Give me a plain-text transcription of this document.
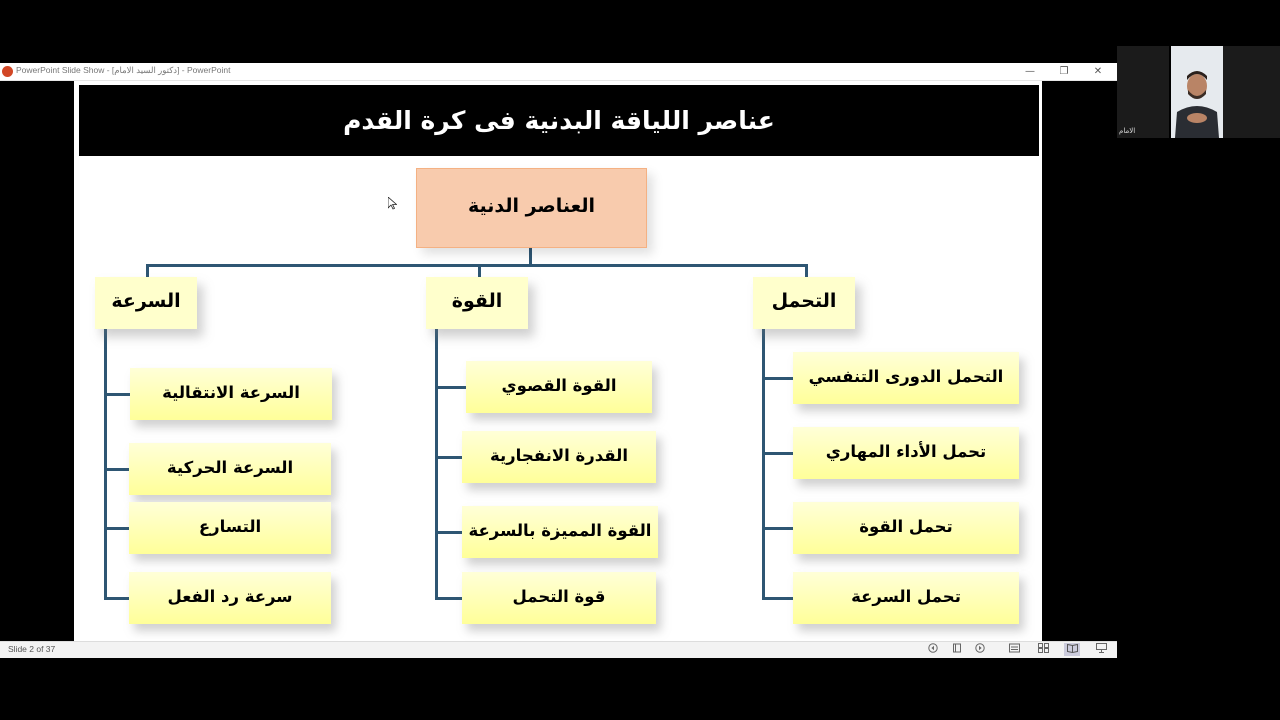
PowerPoint Slide Show - [دكتور السيد الامام] - PowerPoint	—	❐	✕
عناصر اللياقة البدنية فى كرة القدم
العناصر الدنية
التحمل
القوة
السرعة
التحمل الدورى التنفسي
تحمل الأداء المهاري
تحمل القوة
تحمل السرعة
القوة القصوي
القدرة الانفجارية
القوة المميزة بالسرعة
قوة التحمل
السرعة الانتقالية
السرعة الحركية
التسارع
سرعة رد الفعل
Slide 2 of 37
الامام
